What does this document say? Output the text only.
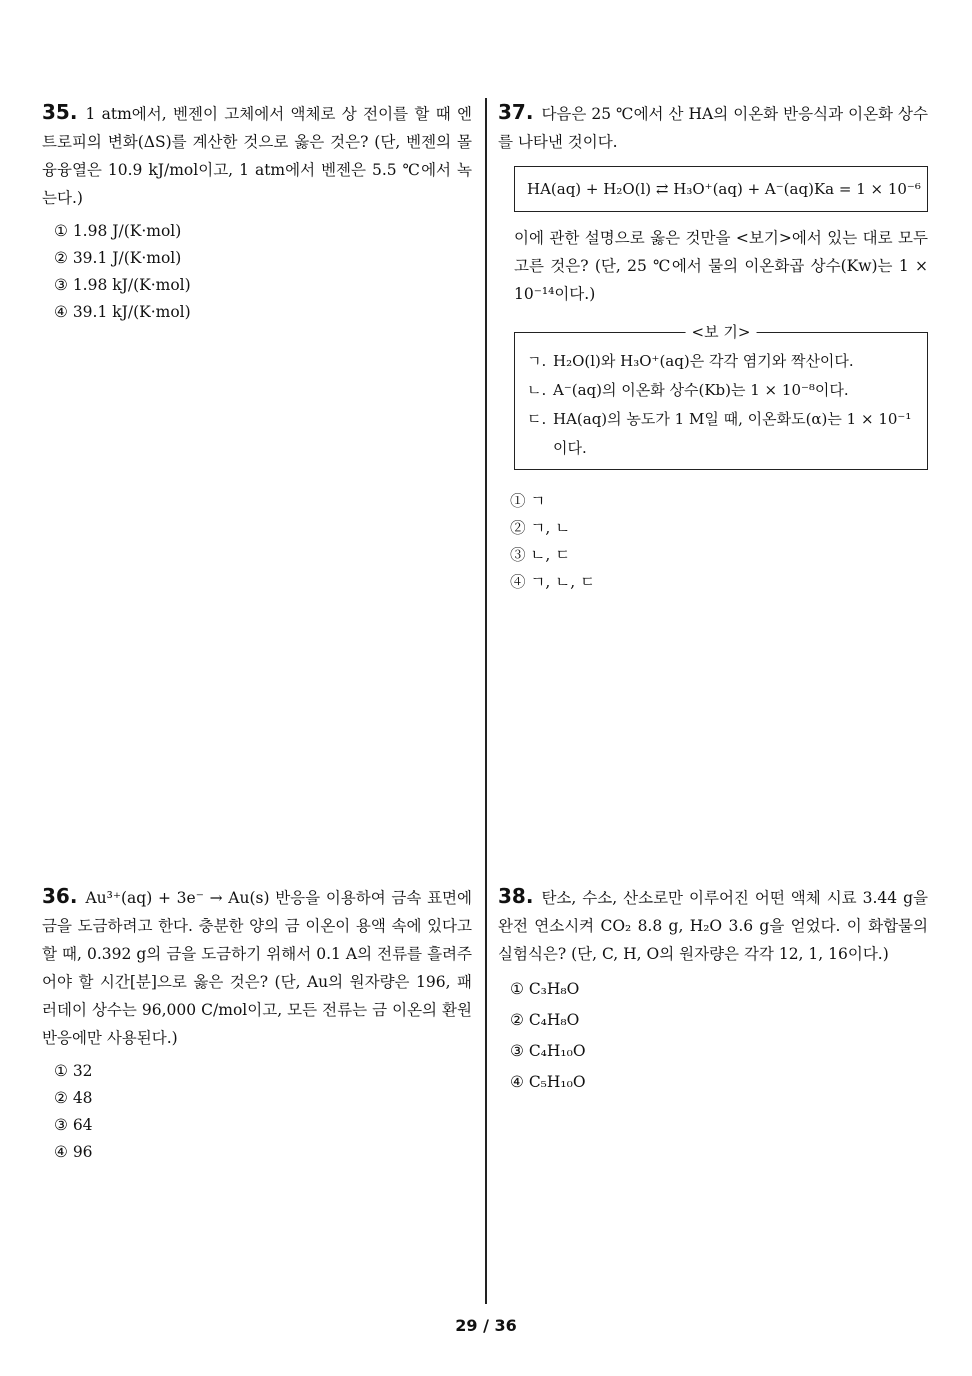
35. 1 atm에서, 벤젠이 고체에서 액체로 상 전이를 할 때 엔트로피의 변화(ΔS)를 계산한 것으로 옳은 것은? (단, 벤젠의 몰 융융열은 10.9 kJ/mol이고, 1 atm에서 벤젠은 5.5 ℃에서 녹는다.)
① 1.98 J/(K·mol)
② 39.1 J/(K·mol)
③ 1.98 kJ/(K·mol)
④ 39.1 kJ/(K·mol)
37. 다음은 25 ℃에서 산 HA의 이온화 반응식과 이온화 상수를 나타낸 것이다.
HA(aq) + H₂O(l) ⇄ H₃O⁺(aq) + A⁻(aq) Ka = 1 × 10⁻⁶
이에 관한 설명으로 옳은 것만을 <보기>에서 있는 대로 모두 고른 것은? (단, 25 ℃에서 물의 이온화곱 상수(Kw)는 1 × 10⁻¹⁴이다.)
<보 기>
ㄱ. H₂O(l)와 H₃O⁺(aq)은 각각 염기와 짝산이다.
ㄴ. A⁻(aq)의 이온화 상수(Kb)는 1 × 10⁻⁸이다.
ㄷ. HA(aq)의 농도가 1 M일 때, 이온화도(α)는 1 × 10⁻¹ 이다.
① ㄱ
② ㄱ, ㄴ
③ ㄴ, ㄷ
④ ㄱ, ㄴ, ㄷ
36. Au³⁺(aq) + 3e⁻ → Au(s) 반응을 이용하여 금속 표면에 금을 도금하려고 한다. 충분한 양의 금 이온이 용액 속에 있다고 할 때, 0.392 g의 금을 도금하기 위해서 0.1 A의 전류를 흘려주어야 할 시간[분]으로 옳은 것은? (단, Au의 원자량은 196, 패러데이 상수는 96,000 C/mol이고, 모든 전류는 금 이온의 환원 반응에만 사용된다.)
① 32
② 48
③ 64
④ 96
38. 탄소, 수소, 산소로만 이루어진 어떤 액체 시료 3.44 g을 완전 연소시켜 CO₂ 8.8 g, H₂O 3.6 g을 얻었다. 이 화합물의 실험식은? (단, C, H, O의 원자량은 각각 12, 1, 16이다.)
① C₃H₈O
② C₄H₈O
③ C₄H₁₀O
④ C₅H₁₀O
29 / 36
